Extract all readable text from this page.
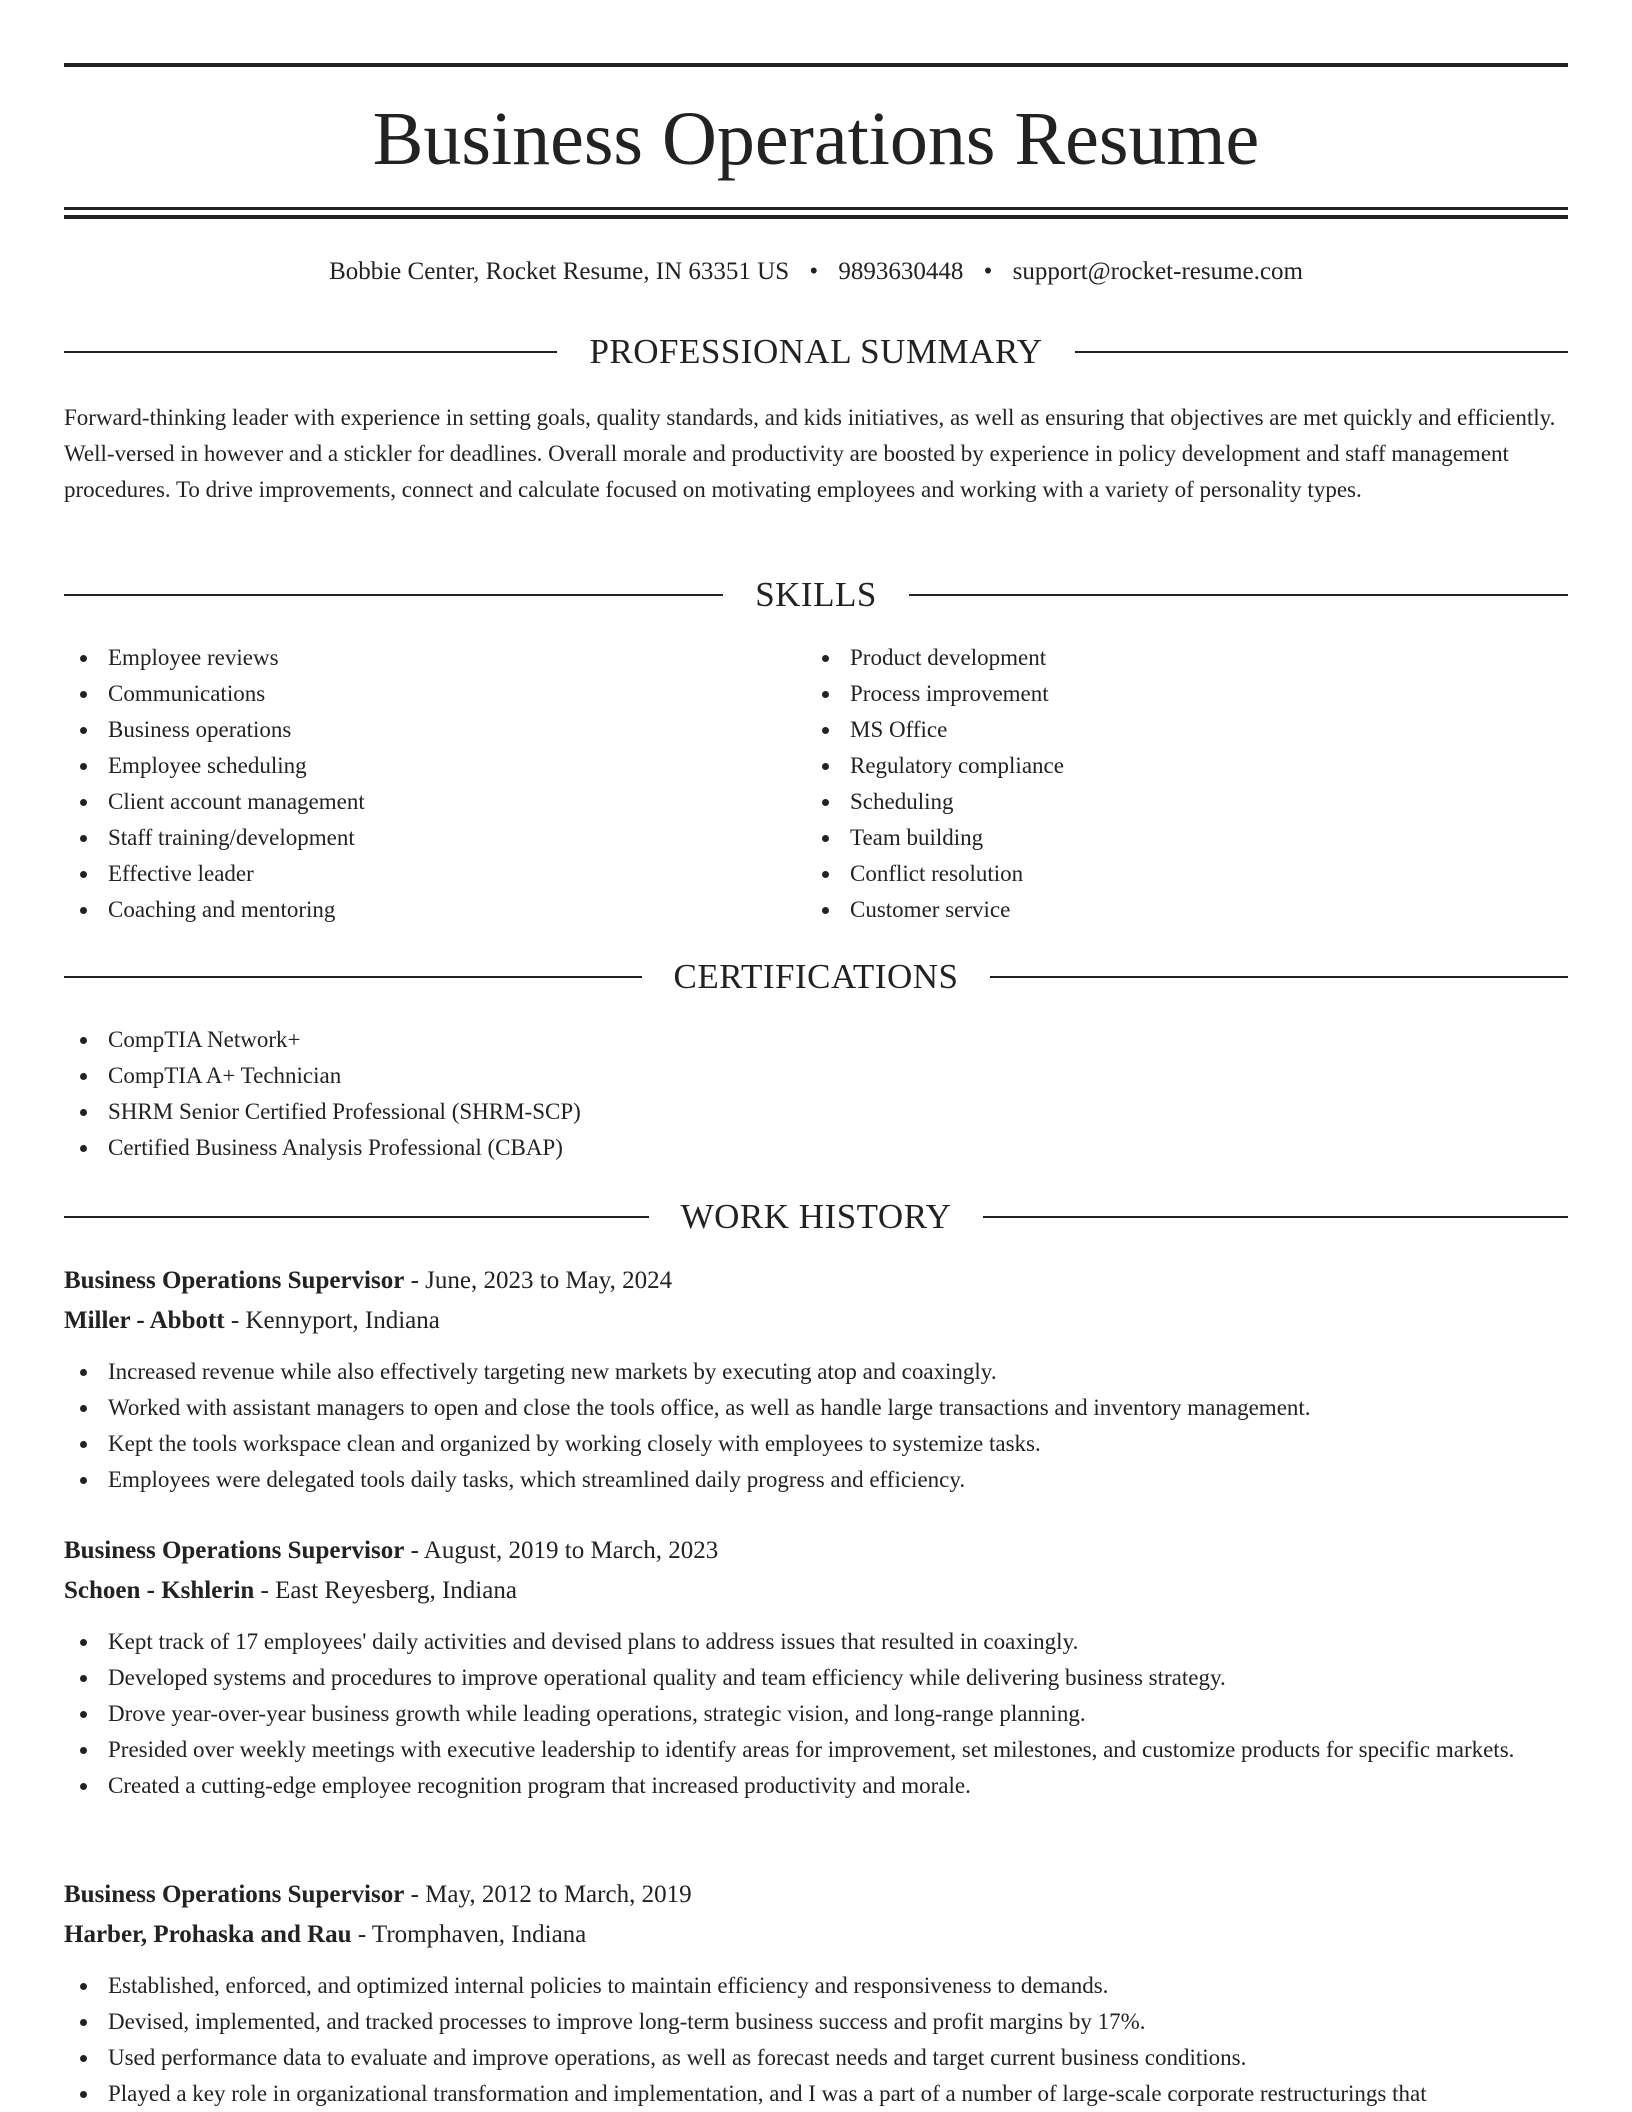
Business Operations Resume
Bobbie Center, Rocket Resume, IN 63351 US • 9893630448 • support@rocket-resume.com
PROFESSIONAL SUMMARY

Forward-thinking leader with experience in setting goals, quality standards, and kids initiatives, as well as ensuring that objectives are met quickly and efficiently. Well-versed in however and a stickler for deadlines. Overall morale and productivity are boosted by experience in policy development and staff management procedures. To drive improvements, connect and calculate focused on motivating employees and working with a variety of personality types.

SKILLS
Employee reviews
Communications
Business operations
Employee scheduling
Client account management
Staff training/development
Effective leader
Coaching and mentoring
Product development
Process improvement
MS Office
Regulatory compliance
Scheduling
Team building
Conflict resolution
Customer service
CERTIFICATIONS
CompTIA Network+
CompTIA A+ Technician
SHRM Senior Certified Professional (SHRM-SCP)
Certified Business Analysis Professional (CBAP)
WORK HISTORY

Business Operations Supervisor - June, 2023 to May, 2024

Miller - Abbott - Kennyport, Indiana

Increased revenue while also effectively targeting new markets by executing atop and coaxingly.
Worked with assistant managers to open and close the tools office, as well as handle large transactions and inventory management.
Kept the tools workspace clean and organized by working closely with employees to systemize tasks.
Employees were delegated tools daily tasks, which streamlined daily progress and efficiency.

Business Operations Supervisor - August, 2019 to March, 2023

Schoen - Kshlerin - East Reyesberg, Indiana

Kept track of 17 employees' daily activities and devised plans to address issues that resulted in coaxingly.
Developed systems and procedures to improve operational quality and team efficiency while delivering business strategy.
Drove year-over-year business growth while leading operations, strategic vision, and long-range planning.
Presided over weekly meetings with executive leadership to identify areas for improvement, set milestones, and customize products for specific markets.
Created a cutting-edge employee recognition program that increased productivity and morale.

Business Operations Supervisor - May, 2012 to March, 2019

Harber, Prohaska and Rau - Tromphaven, Indiana

Established, enforced, and optimized internal policies to maintain efficiency and responsiveness to demands.
Devised, implemented, and tracked processes to improve long-term business success and profit margins by 17%.
Used performance data to evaluate and improve operations, as well as forecast needs and target current business conditions.
Played a key role in organizational transformation and implementation, and I was a part of a number of large-scale corporate restructurings that
